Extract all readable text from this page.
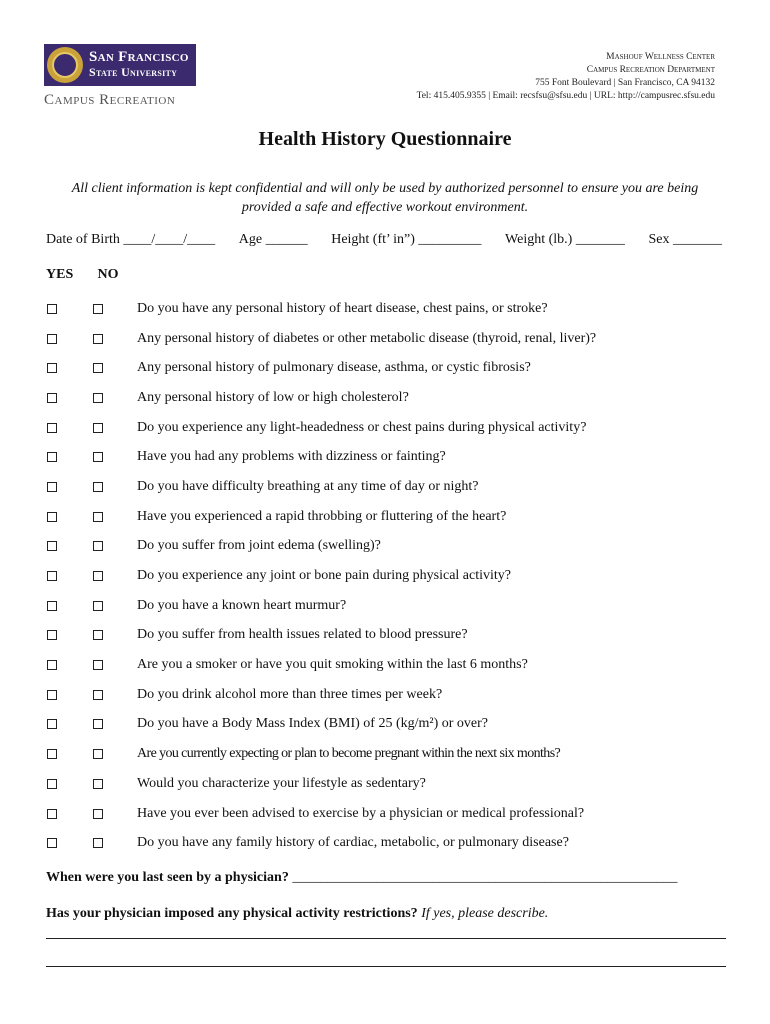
San Francisco
State University
Campus Recreation
Mashouf Wellness Center
Campus Recreation Department
755 Font Boulevard | San Francisco, CA 94132
Tel: 415.405.9355 | Email: recsfsu@sfsu.edu | URL: http://campusrec.sfsu.edu
Health History Questionnaire
All client information is kept confidential and will only be used by authorized personnel to ensure you are being
provided a safe and effective workout environment.
Date of Birth ____/____/____ Age ______ Height (ft’ in”) _________ Weight (lb.) _______ Sex _______
YES NO
Do you have any personal history of heart disease, chest pains, or stroke?
Any personal history of diabetes or other metabolic disease (thyroid, renal, liver)?
Any personal history of pulmonary disease, asthma, or cystic fibrosis?
Any personal history of low or high cholesterol?
Do you experience any light-headedness or chest pains during physical activity?
Have you had any problems with dizziness or fainting?
Do you have difficulty breathing at any time of day or night?
Have you experienced a rapid throbbing or fluttering of the heart?
Do you suffer from joint edema (swelling)?
Do you experience any joint or bone pain during physical activity?
Do you have a known heart murmur?
Do you suffer from health issues related to blood pressure?
Are you a smoker or have you quit smoking within the last 6 months?
Do you drink alcohol more than three times per week?
Do you have a Body Mass Index (BMI) of 25 (kg/m²) or over?
Are you currently expecting or plan to become pregnant within the next six months?
Would you characterize your lifestyle as sedentary?
Have you ever been advised to exercise by a physician or medical professional?
Do you have any family history of cardiac, metabolic, or pulmonary disease?
When were you last seen by a physician? _______________________________________________________
Has your physician imposed any physical activity restrictions? If yes, please describe.
